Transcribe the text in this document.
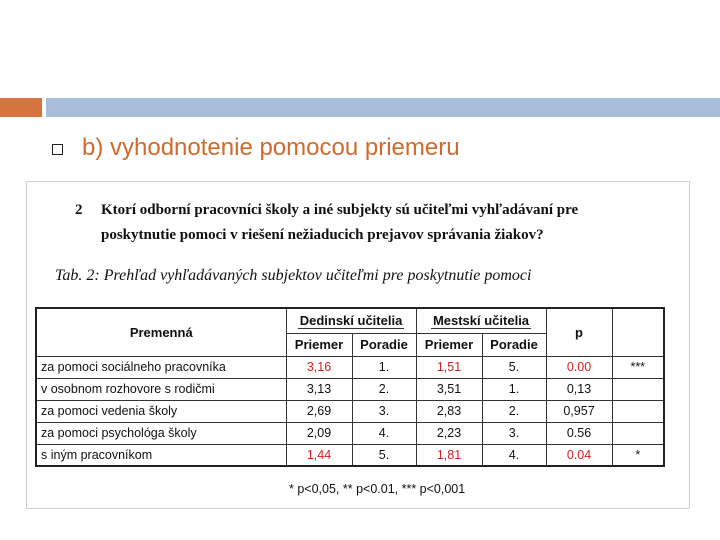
b) vyhodnotenie pomocou priemeru
2 Ktorí odborní pracovníci školy a iné subjekty sú učiteľmi vyhľadávaní pre
poskytnutie pomoci v riešení nežiaducich prejavov správania žiakov?
Tab. 2: Prehľad vyhľadávaných subjektov učiteľmi pre poskytnutie pomoci
Premenná	Dedinskí učitelia		Mestskí učitelia		p	
	Priemer	Poradie	Priemer	Poradie		
za pomoci sociálneho pracovníka	3,16	1.	1,51	5.	0.00	***
v osobnom rozhovore s rodičmi	3,13	2.	3,51	1.	0,13	
za pomoci vedenia školy	2,69	3.	2,83	2.	0,957	
za pomoci psychológa školy	2,09	4.	2,23	3.	0.56	
s iným pracovníkom	1,44	5.	1,81	4.	0.04	*
* p<0,05, ** p<0.01, *** p<0,001
